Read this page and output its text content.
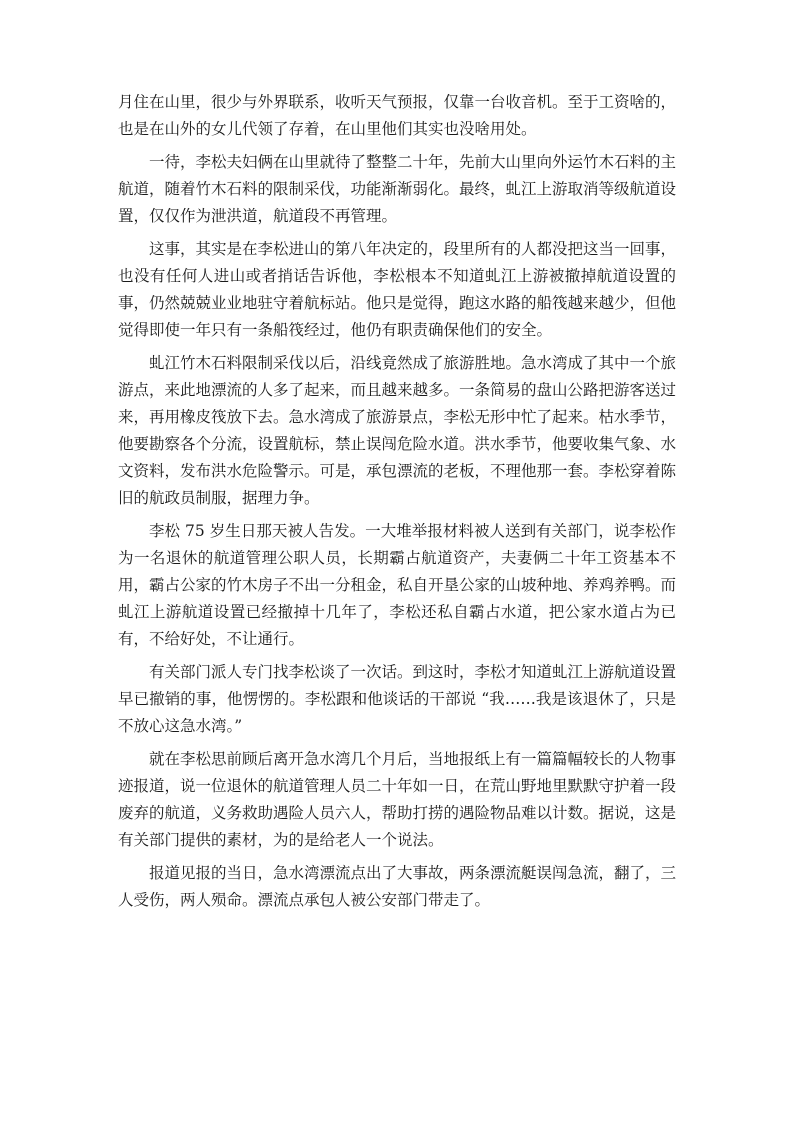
月住在山里，很少与外界联系，收听天气预报，仅靠一台收音机。至于工资啥的，也是在山外的女儿代领了存着，在山里他们其实也没啥用处。

一待，李松夫妇俩在山里就待了整整二十年，先前大山里向外运竹木石料的主航道，随着竹木石料的限制采伐，功能渐渐弱化。最终，虬江上游取消等级航道设置，仅仅作为泄洪道，航道段不再管理。

这事，其实是在李松进山的第八年决定的，段里所有的人都没把这当一回事，也没有任何人进山或者捎话告诉他，李松根本不知道虬江上游被撤掉航道设置的事，仍然兢兢业业地驻守着航标站。他只是觉得，跑这水路的船筏越来越少，但他觉得即使一年只有一条船筏经过，他仍有职责确保他们的安全。

虬江竹木石料限制采伐以后，沿线竟然成了旅游胜地。急水湾成了其中一个旅游点，来此地漂流的人多了起来，而且越来越多。一条简易的盘山公路把游客送过来，再用橡皮筏放下去。急水湾成了旅游景点，李松无形中忙了起来。枯水季节，他要勘察各个分流，设置航标，禁止误闯危险水道。洪水季节，他要收集气象、水文资料，发布洪水危险警示。可是，承包漂流的老板，不理他那一套。李松穿着陈旧的航政员制服，据理力争。

李松 75 岁生日那天被人告发。一大堆举报材料被人送到有关部门，说李松作为一名退休的航道管理公职人员，长期霸占航道资产，夫妻俩二十年工资基本不用，霸占公家的竹木房子不出一分租金，私自开垦公家的山坡种地、养鸡养鸭。而虬江上游航道设置已经撤掉十几年了，李松还私自霸占水道，把公家水道占为已有，不给好处，不让通行。

有关部门派人专门找李松谈了一次话。到这时，李松才知道虬江上游航道设置早已撤销的事，他愣愣的。李松跟和他谈话的干部说 “我……我是该退休了，只是不放心这急水湾。”

就在李松思前顾后离开急水湾几个月后，当地报纸上有一篇篇幅较长的人物事迹报道，说一位退休的航道管理人员二十年如一日，在荒山野地里默默守护着一段废弃的航道，义务救助遇险人员六人，帮助打捞的遇险物品难以计数。据说，这是有关部门提供的素材，为的是给老人一个说法。

报道见报的当日，急水湾漂流点出了大事故，两条漂流艇误闯急流，翻了，三人受伤，两人殒命。漂流点承包人被公安部门带走了。
